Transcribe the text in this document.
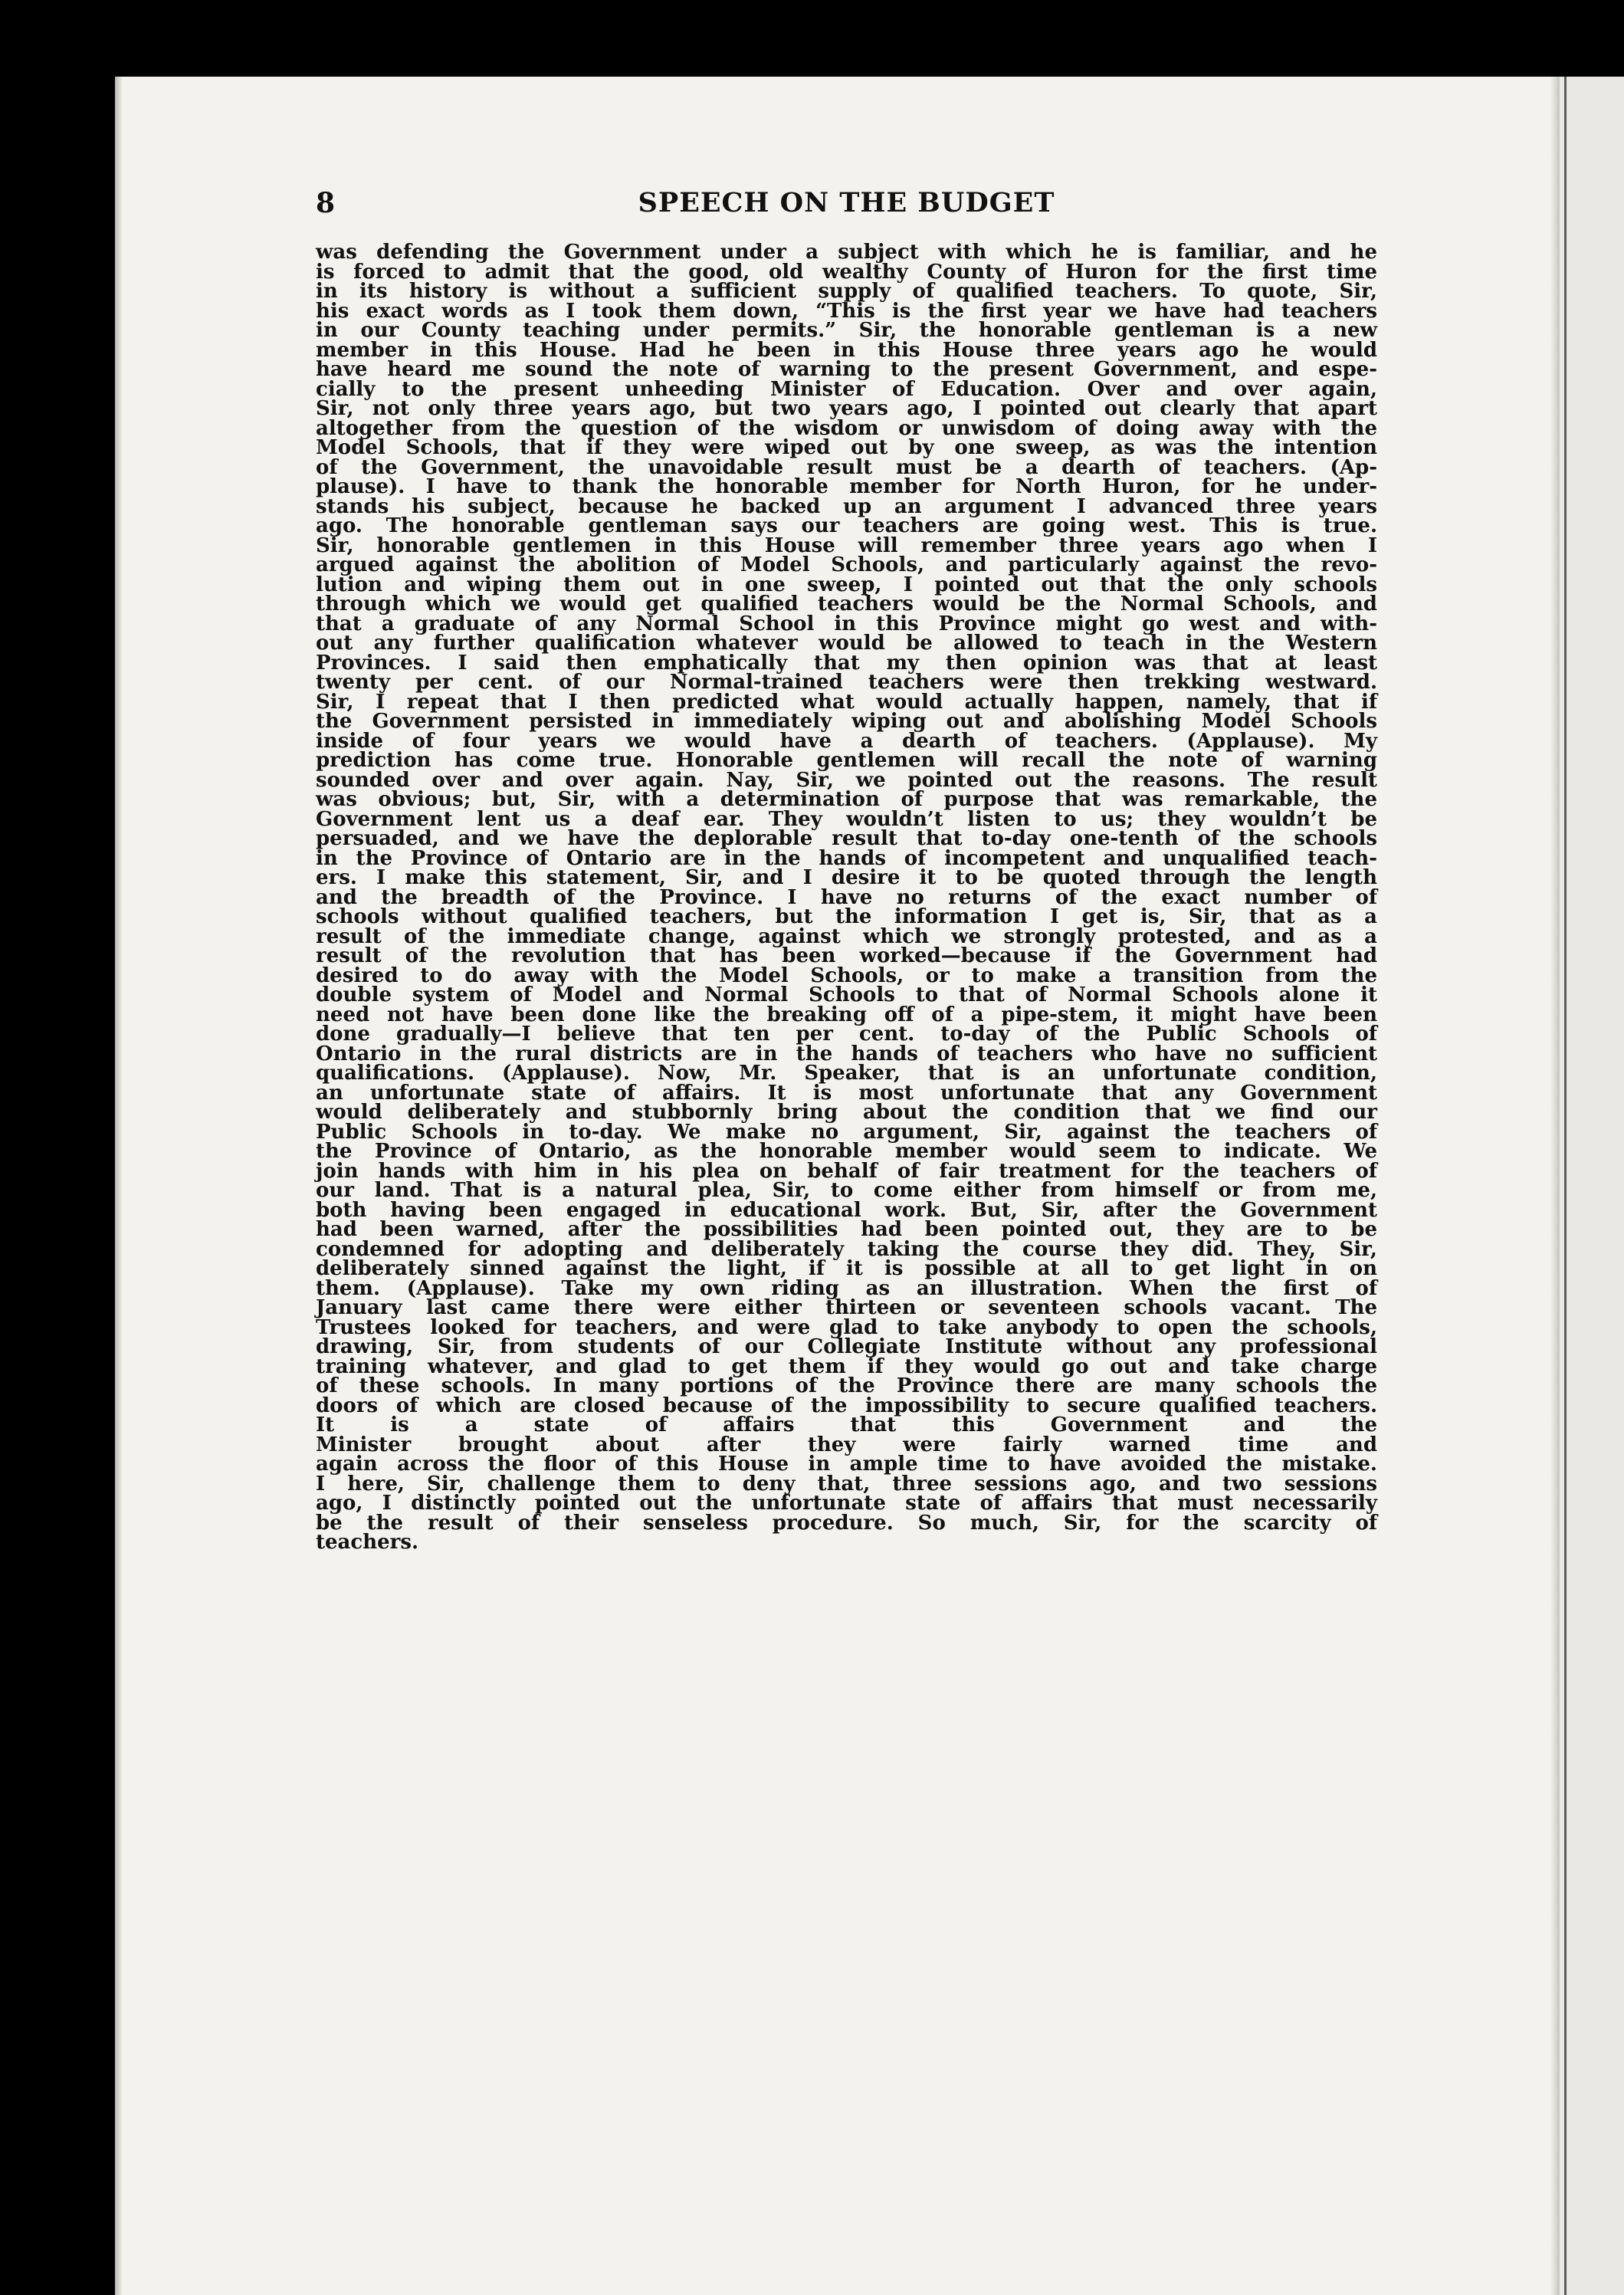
8	SPEECH ON THE BUDGET

was defending the Government under a subject with which he is familiar, and he
is forced to admit that the good, old wealthy County of Huron for the first time
in its history is without a sufficient supply of qualified teachers. To quote, Sir,
his exact words as I took them down, “This is the first year we have had teachers
in our County teaching under permits.” Sir, the honorable gentleman is a new
member in this House. Had he been in this House three years ago he would
have heard me sound the note of warning to the present Government, and espe-
cially to the present unheeding Minister of Education. Over and over again,
Sir, not only three years ago, but two years ago, I pointed out clearly that apart
altogether from the question of the wisdom or unwisdom of doing away with the
Model Schools, that if they were wiped out by one sweep, as was the intention
of the Government, the unavoidable result must be a dearth of teachers. (Ap-
plause). I have to thank the honorable member for North Huron, for he under-
stands his subject, because he backed up an argument I advanced three years
ago. The honorable gentleman says our teachers are going west. This is true.
Sir, honorable gentlemen in this House will remember three years ago when I
argued against the abolition of Model Schools, and particularly against the revo-
lution and wiping them out in one sweep, I pointed out that the only schools
through which we would get qualified teachers would be the Normal Schools, and
that a graduate of any Normal School in this Province might go west and with-
out any further qualification whatever would be allowed to teach in the Western
Provinces. I said then emphatically that my then opinion was that at least
twenty per cent. of our Normal-trained teachers were then trekking westward.
Sir, I repeat that I then predicted what would actually happen, namely, that if
the Government persisted in immediately wiping out and abolishing Model Schools
inside of four years we would have a dearth of teachers. (Applause). My
prediction has come true. Honorable gentlemen will recall the note of warning
sounded over and over again. Nay, Sir, we pointed out the reasons. The result
was obvious; but, Sir, with a determination of purpose that was remarkable, the
Government lent us a deaf ear. They wouldn’t listen to us; they wouldn’t be
persuaded, and we have the deplorable result that to-day one-tenth of the schools
in the Province of Ontario are in the hands of incompetent and unqualified teach-
ers. I make this statement, Sir, and I desire it to be quoted through the length
and the breadth of the Province. I have no returns of the exact number of
schools without qualified teachers, but the information I get is, Sir, that as a
result of the immediate change, against which we strongly protested, and as a
result of the revolution that has been worked—because if the Government had
desired to do away with the Model Schools, or to make a transition from the
double system of Model and Normal Schools to that of Normal Schools alone it
need not have been done like the breaking off of a pipe-stem, it might have been
done gradually—I believe that ten per cent. to-day of the Public Schools of
Ontario in the rural districts are in the hands of teachers who have no sufficient
qualifications. (Applause). Now, Mr. Speaker, that is an unfortunate condition,
an unfortunate state of affairs. It is most unfortunate that any Government
would deliberately and stubbornly bring about the condition that we find our
Public Schools in to-day. We make no argument, Sir, against the teachers of
the Province of Ontario, as the honorable member would seem to indicate. We
join hands with him in his plea on behalf of fair treatment for the teachers of
our land. That is a natural plea, Sir, to come either from himself or from me,
both having been engaged in educational work. But, Sir, after the Government
had been warned, after the possibilities had been pointed out, they are to be
condemned for adopting and deliberately taking the course they did. They, Sir,
deliberately sinned against the light, if it is possible at all to get light in on
them. (Applause). Take my own riding as an illustration. When the first of
January last came there were either thirteen or seventeen schools vacant. The
Trustees looked for teachers, and were glad to take anybody to open the schools,
drawing, Sir, from students of our Collegiate Institute without any professional
training whatever, and glad to get them if they would go out and take charge
of these schools. In many portions of the Province there are many schools the
doors of which are closed because of the impossibility to secure qualified teachers.
It is a state of affairs that this Government and the
Minister brought about after they were fairly warned time and
again across the floor of this House in ample time to have avoided the mistake.
I here, Sir, challenge them to deny that, three sessions ago, and two sessions
ago, I distinctly pointed out the unfortunate state of affairs that must necessarily
be the result of their senseless procedure. So much, Sir, for the scarcity of
teachers.
